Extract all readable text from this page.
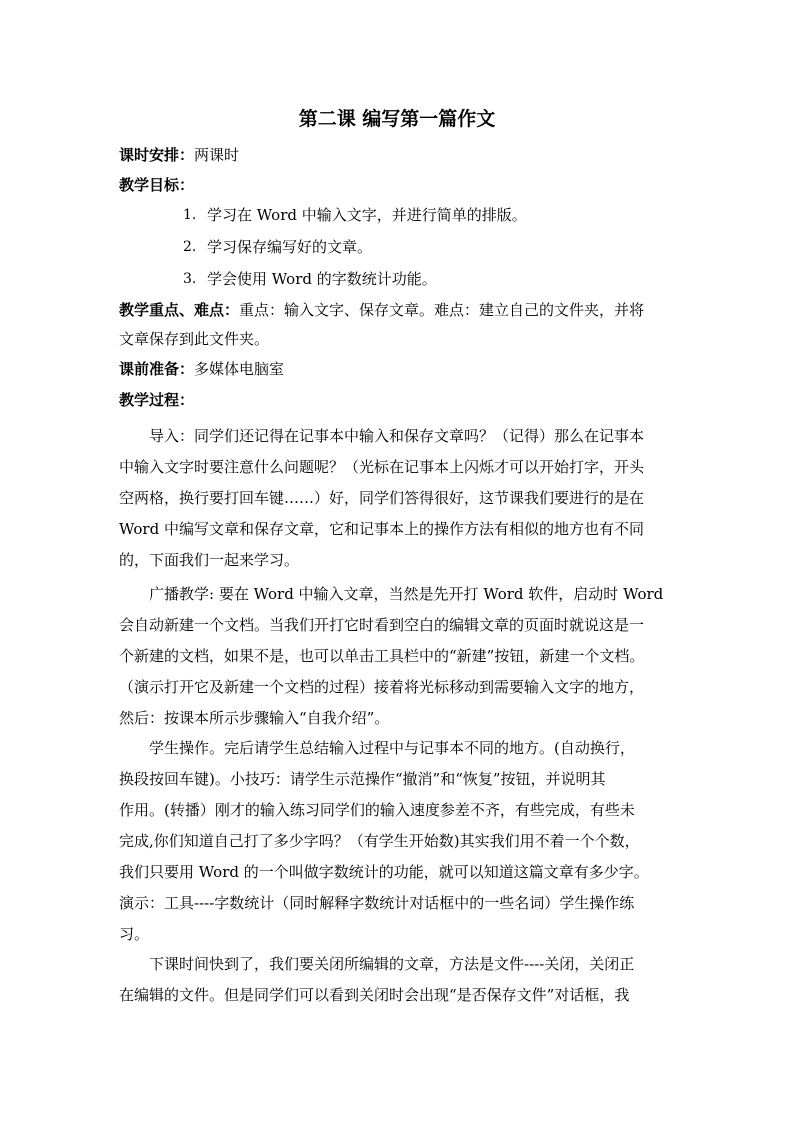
第二课 编写第一篇作文
课时安排：两课时
教学目标：
1. 学习在 Word 中输入文字，并进行简单的排版。
2. 学习保存编写好的文章。
3. 学会使用 Word 的字数统计功能。
教学重点、难点：重点：输入文字、保存文章。难点：建立自己的文件夹，并将
文章保存到此文件夹。
课前准备：多媒体电脑室
教学过程：
导入：同学们还记得在记事本中输入和保存文章吗？（记得）那么在记事本
中输入文字时要注意什么问题呢？（光标在记事本上闪烁才可以开始打字，开头
空两格，换行要打回车键……）好，同学们答得很好，这节课我们要进行的是在
Word 中编写文章和保存文章，它和记事本上的操作方法有相似的地方也有不同
的，下面我们一起来学习。
广播教学: 要在 Word 中输入文章，当然是先开打 Word 软件，启动时 Word
会自动新建一个文档。当我们开打它时看到空白的编辑文章的页面时就说这是一
个新建的文档，如果不是，也可以单击工具栏中的“新建”按钮，新建一个文档。
（演示打开它及新建一个文档的过程）接着将光标移动到需要输入文字的地方，
然后：按课本所示步骤输入“自我介绍”。
学生操作。完后请学生总结输入过程中与记事本不同的地方。(自动换行，
换段按回车键)。小技巧：请学生示范操作“撤消”和“恢复”按钮，并说明其
作用。(转播）刚才的输入练习同学们的输入速度参差不齐，有些完成，有些未
完成,你们知道自己打了多少字吗？（有学生开始数)其实我们用不着一个个数，
我们只要用 Word 的一个叫做字数统计的功能，就可以知道这篇文章有多少字。
演示：工具----字数统计（同时解释字数统计对话框中的一些名词）学生操作练
习。
下课时间快到了，我们要关闭所编辑的文章，方法是文件----关闭，关闭正
在编辑的文件。但是同学们可以看到关闭时会出现“是否保存文件”对话框，我
